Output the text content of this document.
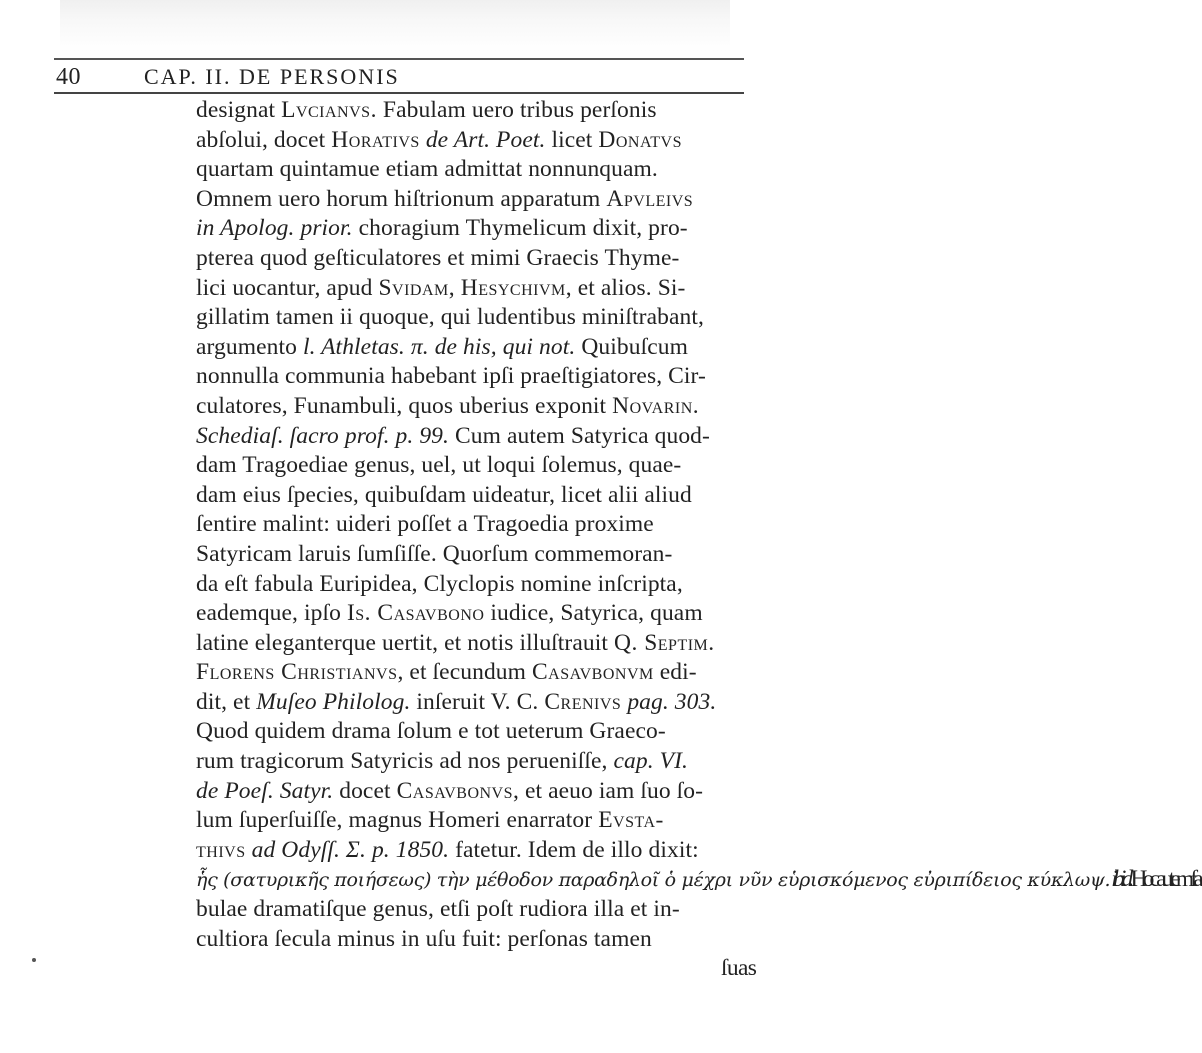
40	CAP. II. DE PERSONIS
designat Lvcianvs. Fabulam uero tribus perſonis
abſolui, docet Horativs de Art. Poet. licet Donatvs
quartam quintamue etiam admittat nonnunquam.
Omnem uero horum hiſtrionum apparatum Apvleivs
in Apolog. prior. choragium Thymelicum dixit, pro-
pterea quod geſticulatores et mimi Graecis Thyme-
lici uocantur, apud Svidam, Hesychivm, et alios. Si-
gillatim tamen ii quoque, qui ludentibus miniſtrabant,
argumento l. Athletas. π. de his, qui not. Quibuſcum
nonnulla communia habebant ipſi praeſtigiatores, Cir-
culatores, Funambuli, quos uberius exponit Novarin.
Schediaſ. ſacro prof. p. 99. Cum autem Satyrica quod-
dam Tragoediae genus, uel, ut loqui ſolemus, quae-
dam eius ſpecies, quibuſdam uideatur, licet alii aliud
ſentire malint: uideri poſſet a Tragoedia proxime
Satyricam laruis ſumſiſſe. Quorſum commemoran-
da eſt fabula Euripidea, Clyclopis nomine inſcripta,
eademque, ipſo Is. Casavbono iudice, Satyrica, quam
latine eleganterque uertit, et notis illuſtrauit Q. Septim.
Florens Christianvs, et ſecundum Casavbonvm edi-
dit, et Muſeo Philolog. inſeruit V. C. Crenivs pag. 303.
Quod quidem drama ſolum e tot ueterum Graeco-
rum tragicorum Satyricis ad nos perueniſſe, cap. VI.
de Poeſ. Satyr. docet Casavbonvs, et aeuo iam ſuo ſo-
lum ſuperſuiſſe, magnus Homeri enarrator Evsta-
thivs ad Odyſſ. Σ. p. 1850. fatetur. Idem de illo dixit:
ἧς (σατυρικῆς ποιήσεως) τὴν μέθοδον παραδηλοῖ ὁ μέχρι νῦν εὑρισκόμενος εὐριπίδειος κύκλωψ. ibid. Hoc autem fa-
bulae dramatiſque genus, etſi poſt rudiora illa et in-
cultiora ſecula minus in uſu fuit: perſonas tamen
ſuas
